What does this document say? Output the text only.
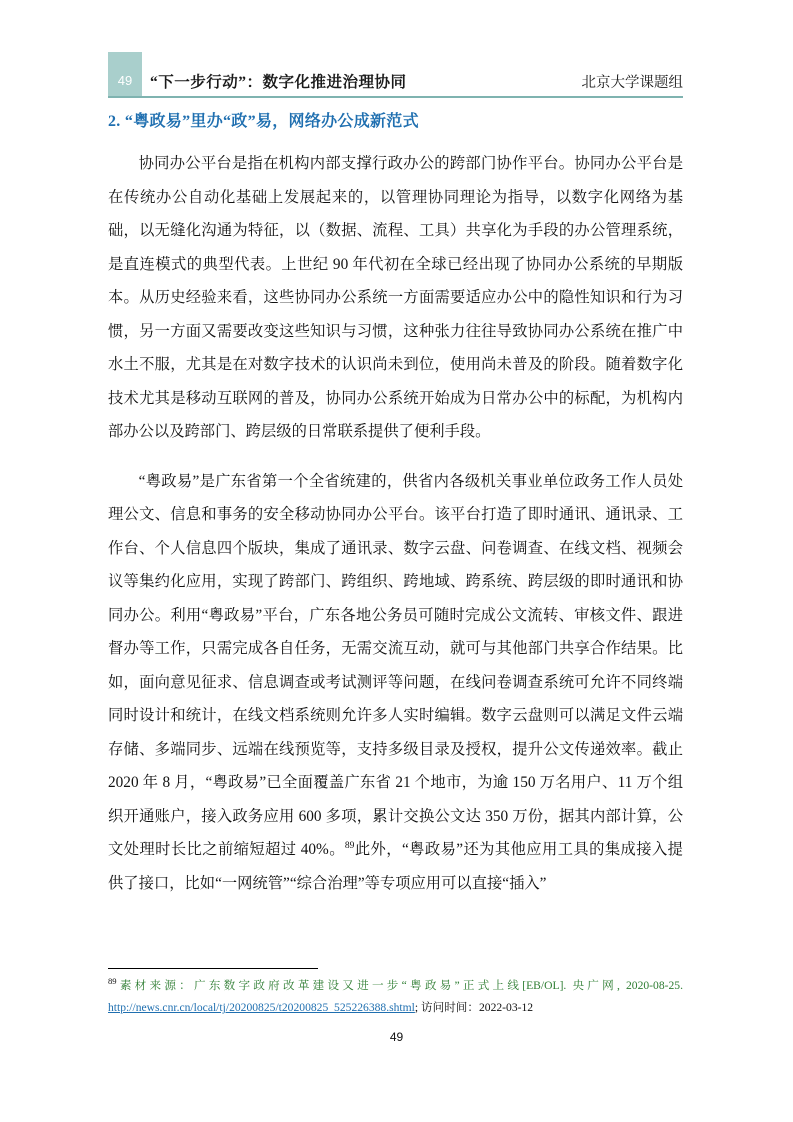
49	“下一步行动”：数字化推进治理协同	北京大学课题组
2. “粤政易”里办“政”易，网络办公成新范式

协同办公平台是指在机构内部支撑行政办公的跨部门协作平台。协同办公平台是在传统办公自动化基础上发展起来的，以管理协同理论为指导，以数字化网络为基础，以无缝化沟通为特征，以（数据、流程、工具）共享化为手段的办公管理系统，是直连模式的典型代表。上世纪 90 年代初在全球已经出现了协同办公系统的早期版本。从历史经验来看，这些协同办公系统一方面需要适应办公中的隐性知识和行为习惯，另一方面又需要改变这些知识与习惯，这种张力往往导致协同办公系统在推广中水土不服，尤其是在对数字技术的认识尚未到位，使用尚未普及的阶段。随着数字化技术尤其是移动互联网的普及，协同办公系统开始成为日常办公中的标配，为机构内部办公以及跨部门、跨层级的日常联系提供了便利手段。

“粤政易”是广东省第一个全省统建的，供省内各级机关事业单位政务工作人员处理公文、信息和事务的安全移动协同办公平台。该平台打造了即时通讯、通讯录、工作台、个人信息四个版块，集成了通讯录、数字云盘、问卷调查、在线文档、视频会议等集约化应用，实现了跨部门、跨组织、跨地域、跨系统、跨层级的即时通讯和协同办公。利用“粤政易”平台，广东各地公务员可随时完成公文流转、审核文件、跟进督办等工作，只需完成各自任务，无需交流互动，就可与其他部门共享合作结果。比如，面向意见征求、信息调查或考试测评等问题，在线问卷调查系统可允许不同终端同时设计和统计，在线文档系统则允许多人实时编辑。数字云盘则可以满足文件云端存储、多端同步、远端在线预览等，支持多级目录及授权，提升公文传递效率。截止 2020 年 8 月，“粤政易”已全面覆盖广东省 21 个地市，为逾 150 万名用户、11 万个组织开通账户，接入政务应用 600 多项，累计交换公文达 350 万份，据其内部计算，公文处理时长比之前缩短超过 40%。$^{89}$此外，“粤政易”还为其他应用工具的集成接入提供了接口，比如“一网统管”“综合治理”等专项应用可以直接“插入”

$^{89}$素材来源：广东数字政府改革建设又进一步“粤政易”正式上线[EB/OL]. 央广网, 2020-08-25. http://news.cnr.cn/local/tj/20200825/t20200825_525226388.shtml; 访问时间：2022-03-12
49
